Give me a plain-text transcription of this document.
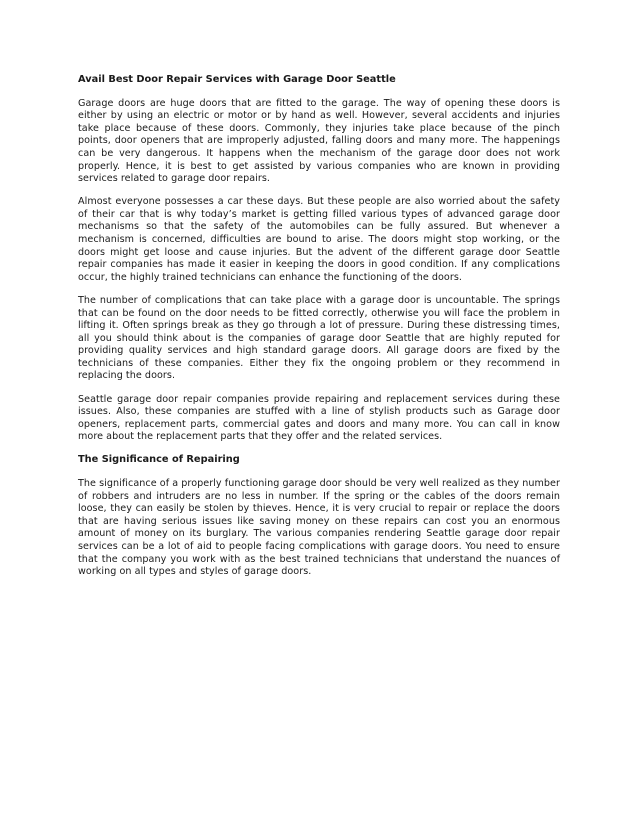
Avail Best Door Repair Services with Garage Door Seattle

Garage doors are huge doors that are fitted to the garage. The way of opening these doors is either by using an electric or motor or by hand as well. However, several accidents and injuries take place because of these doors. Commonly, they injuries take place because of the pinch points, door openers that are improperly adjusted, falling doors and many more. The happenings can be very dangerous. It happens when the mechanism of the garage door does not work properly. Hence, it is best to get assisted by various companies who are known in providing services related to garage door repairs.

Almost everyone possesses a car these days. But these people are also worried about the safety of their car that is why today’s market is getting filled various types of advanced garage door mechanisms so that the safety of the automobiles can be fully assured. But whenever a mechanism is concerned, difficulties are bound to arise. The doors might stop working, or the doors might get loose and cause injuries. But the advent of the different garage door Seattle repair companies has made it easier in keeping the doors in good condition. If any complications occur, the highly trained technicians can enhance the functioning of the doors.

The number of complications that can take place with a garage door is uncountable. The springs that can be found on the door needs to be fitted correctly, otherwise you will face the problem in lifting it. Often springs break as they go through a lot of pressure. During these distressing times, all you should think about is the companies of garage door Seattle that are highly reputed for providing quality services and high standard garage doors. All garage doors are fixed by the technicians of these companies. Either they fix the ongoing problem or they recommend in replacing the doors.

Seattle garage door repair companies provide repairing and replacement services during these issues. Also, these companies are stuffed with a line of stylish products such as Garage door openers, replacement parts, commercial gates and doors and many more. You can call in know more about the replacement parts that they offer and the related services.

The Significance of Repairing

The significance of a properly functioning garage door should be very well realized as they number of robbers and intruders are no less in number. If the spring or the cables of the doors remain loose, they can easily be stolen by thieves. Hence, it is very crucial to repair or replace the doors that are having serious issues like saving money on these repairs can cost you an enormous amount of money on its burglary. The various companies rendering Seattle garage door repair services can be a lot of aid to people facing complications with garage doors. You need to ensure that the company you work with as the best trained technicians that understand the nuances of working on all types and styles of garage doors.
